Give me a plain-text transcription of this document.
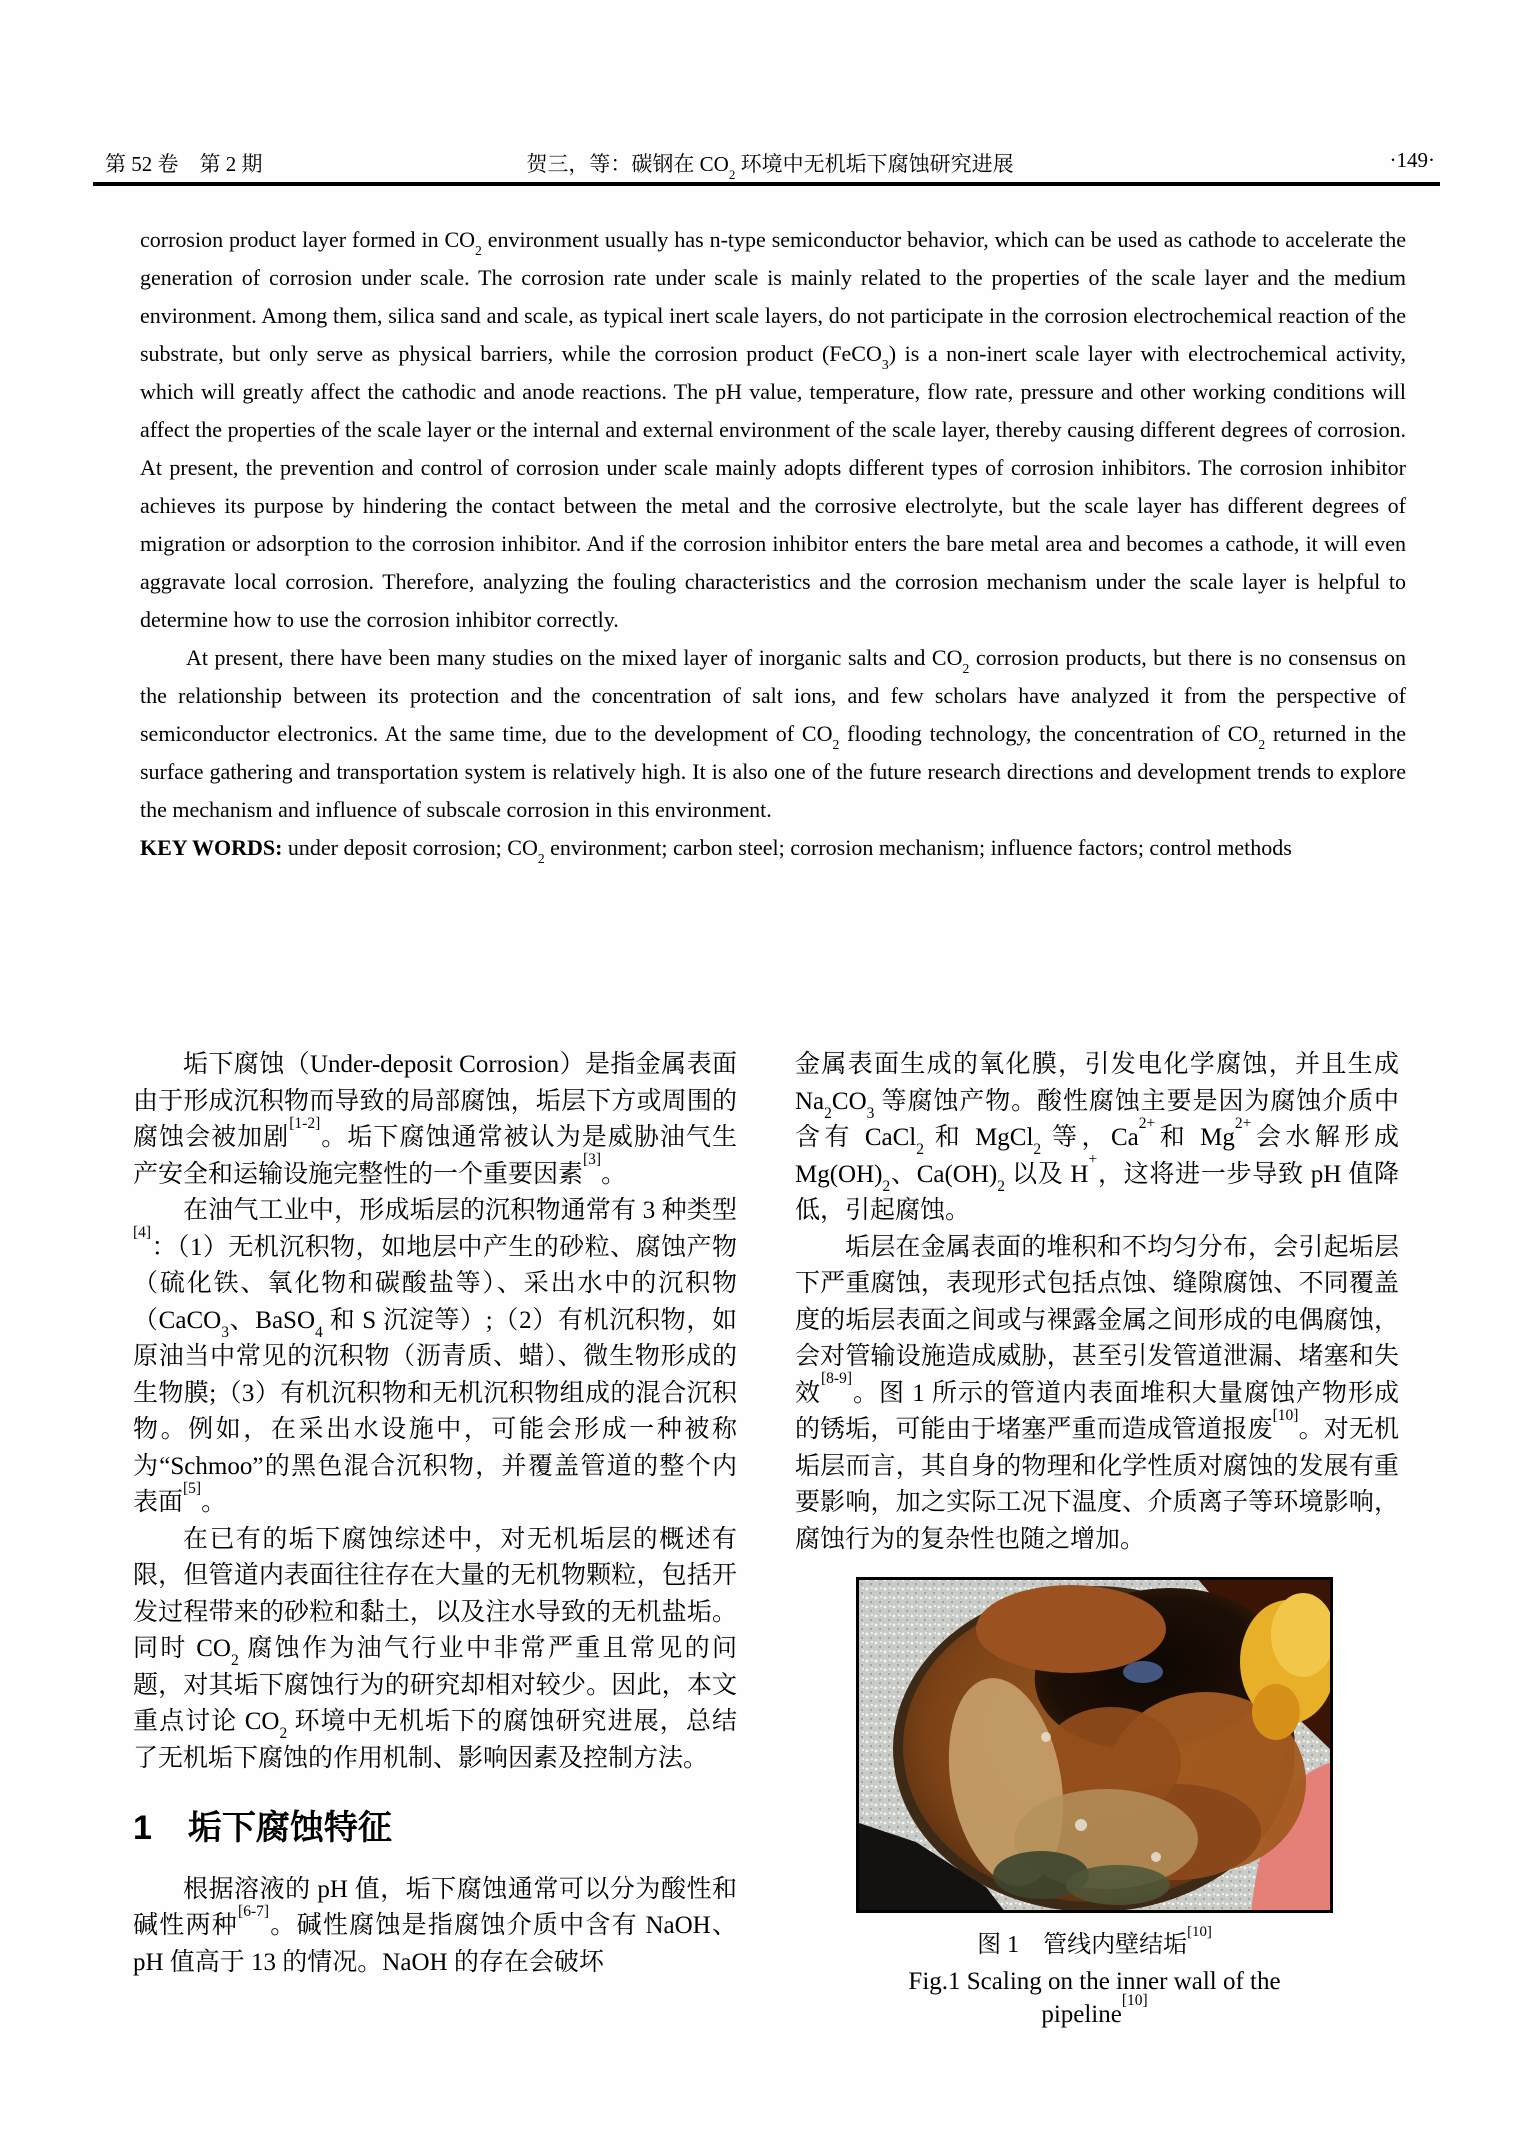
第 52 卷　第 2 期	贺三，等：碳钢在 $CO_2$ 环境中无机垢下腐蚀研究进展	·149·

corrosion product layer formed in $CO_2$ environment usually has n-type semiconductor behavior, which can be used as cathode to accelerate the generation of corrosion under scale. The corrosion rate under scale is mainly related to the properties of the scale layer and the medium environment. Among them, silica sand and scale, as typical inert scale layers, do not participate in the corrosion electrochemical reaction of the substrate, but only serve as physical barriers, while the corrosion product (FeCO$_3$) is a non-inert scale layer with electrochemical activity, which will greatly affect the cathodic and anode reactions. The pH value, temperature, flow rate, pressure and other working conditions will affect the properties of the scale layer or the internal and external environment of the scale layer, thereby causing different degrees of corrosion. At present, the prevention and control of corrosion under scale mainly adopts different types of corrosion inhibitors. The corrosion inhibitor achieves its purpose by hindering the contact between the metal and the corrosive electrolyte, but the scale layer has different degrees of migration or adsorption to the corrosion inhibitor. And if the corrosion inhibitor enters the bare metal area and becomes a cathode, it will even aggravate local corrosion. Therefore, analyzing the fouling characteristics and the corrosion mechanism under the scale layer is helpful to determine how to use the corrosion inhibitor correctly.

At present, there have been many studies on the mixed layer of inorganic salts and $CO_2$ corrosion products, but there is no consensus on the relationship between its protection and the concentration of salt ions, and few scholars have analyzed it from the perspective of semiconductor electronics. At the same time, due to the development of $CO_2$ flooding technology, the concentration of $CO_2$ returned in the surface gathering and transportation system is relatively high. It is also one of the future research directions and development trends to explore the mechanism and influence of subscale corrosion in this environment.

KEY WORDS: under deposit corrosion; $CO_2$ environment; carbon steel; corrosion mechanism; influence factors; control methods

垢下腐蚀（Under-deposit Corrosion）是指金属表面由于形成沉积物而导致的局部腐蚀，垢层下方或周围的腐蚀会被加剧[1-2]。垢下腐蚀通常被认为是威胁油气生产安全和运输设施完整性的一个重要因素[3]。

在油气工业中，形成垢层的沉积物通常有 3 种类型[4]：（1）无机沉积物，如地层中产生的砂粒、腐蚀产物（硫化铁、氧化物和碳酸盐等）、采出水中的沉积物（CaCO$_3$、BaSO$_4$ 和 S 沉淀等）;（2）有机沉积物，如原油当中常见的沉积物（沥青质、蜡）、微生物形成的生物膜;（3）有机沉积物和无机沉积物组成的混合沉积物。例如，在采出水设施中，可能会形成一种被称为“Schmoo”的黑色混合沉积物，并覆盖管道的整个内表面[5]。

在已有的垢下腐蚀综述中，对无机垢层的概述有限，但管道内表面往往存在大量的无机物颗粒，包括开发过程带来的砂粒和黏土，以及注水导致的无机盐垢。同时 $CO_2$ 腐蚀作为油气行业中非常严重且常见的问题，对其垢下腐蚀行为的研究却相对较少。因此，本文重点讨论 $CO_2$ 环境中无机垢下的腐蚀研究进展，总结了无机垢下腐蚀的作用机制、影响因素及控制方法。

1 垢下腐蚀特征

根据溶液的 pH 值，垢下腐蚀通常可以分为酸性和碱性两种[6-7]。碱性腐蚀是指腐蚀介质中含有 NaOH、pH 值高于 13 的情况。NaOH 的存在会破坏

金属表面生成的氧化膜，引发电化学腐蚀，并且生成 $Na_2CO_3$ 等腐蚀产物。酸性腐蚀主要是因为腐蚀介质中含有 CaCl$_2$ 和 MgCl$_2$ 等，$Ca^{2+}$和 $Mg^{2+}$会水解形成 $Mg(OH)_2$、$Ca(OH)_2$ 以及 H+，这将进一步导致 pH 值降低，引起腐蚀。

垢层在金属表面的堆积和不均匀分布，会引起垢层下严重腐蚀，表现形式包括点蚀、缝隙腐蚀、不同覆盖度的垢层表面之间或与裸露金属之间形成的电偶腐蚀，会对管输设施造成威胁，甚至引发管道泄漏、堵塞和失效[8-9]。图 1 所示的管道内表面堆积大量腐蚀产物形成的锈垢，可能由于堵塞严重而造成管道报废[10]。对无机垢层而言，其自身的物理和化学性质对腐蚀的发展有重要影响，加之实际工况下温度、介质离子等环境影响，腐蚀行为的复杂性也随之增加。

图 1　管线内壁结垢[10]
Fig.1 Scaling on the inner wall of the pipeline[10]
